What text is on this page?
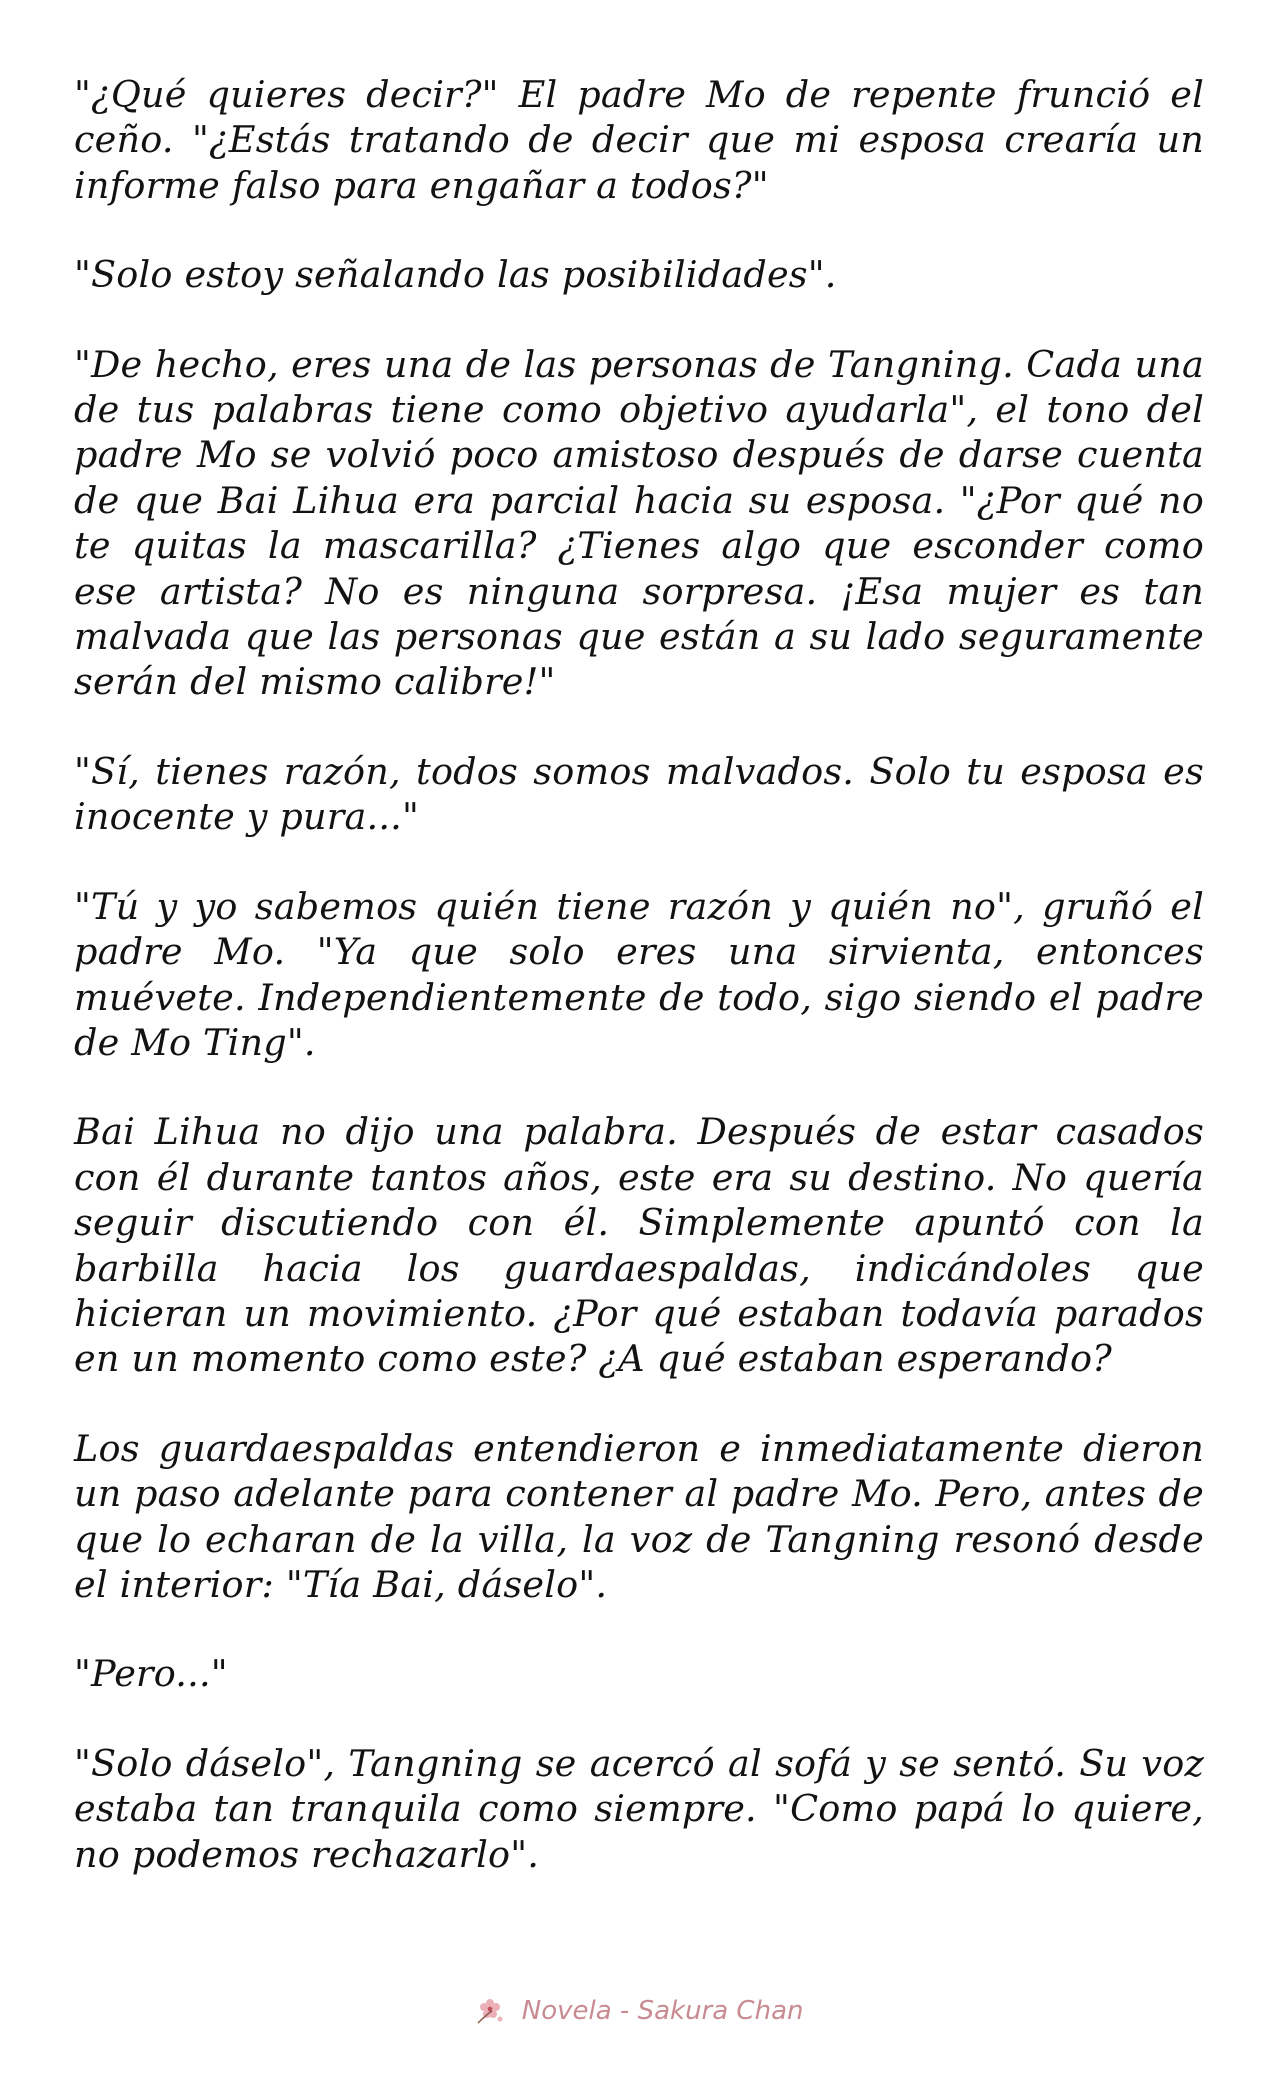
"¿Qué quieres decir?" El padre Mo de repente frunció el ceño. "¿Estás tratando de decir que mi esposa crearía un informe falso para engañar a todos?"

"Solo estoy señalando las posibilidades".

"De hecho, eres una de las personas de Tangning. Cada una de tus palabras tiene como objetivo ayudarla", el tono del padre Mo se volvió poco amistoso después de darse cuenta de que Bai Lihua era parcial hacia su esposa. "¿Por qué no te quitas la mascarilla? ¿Tienes algo que esconder como ese artista? No es ninguna sorpresa. ¡Esa mujer es tan malvada que las personas que están a su lado seguramente serán del mismo calibre!"

"Sí, tienes razón, todos somos malvados. Solo tu esposa es inocente y pura..."

"Tú y yo sabemos quién tiene razón y quién no", gruñó el padre Mo. "Ya que solo eres una sirvienta, entonces muévete. Independientemente de todo, sigo siendo el padre de Mo Ting".

Bai Lihua no dijo una palabra. Después de estar casados con él durante tantos años, este era su destino. No quería seguir discutiendo con él. Simplemente apuntó con la barbilla hacia los guardaespaldas, indicándoles que hicieran un movimiento. ¿Por qué estaban todavía parados en un momento como este? ¿A qué estaban esperando?

Los guardaespaldas entendieron e inmediatamente dieron un paso adelante para contener al padre Mo. Pero, antes de que lo echaran de la villa, la voz de Tangning resonó desde el interior: "Tía Bai, dáselo".

"Pero..."

"Solo dáselo", Tangning se acercó al sofá y se sentó. Su voz estaba tan tranquila como siempre. "Como papá lo quiere, no podemos rechazarlo".

Novela - Sakura Chan
